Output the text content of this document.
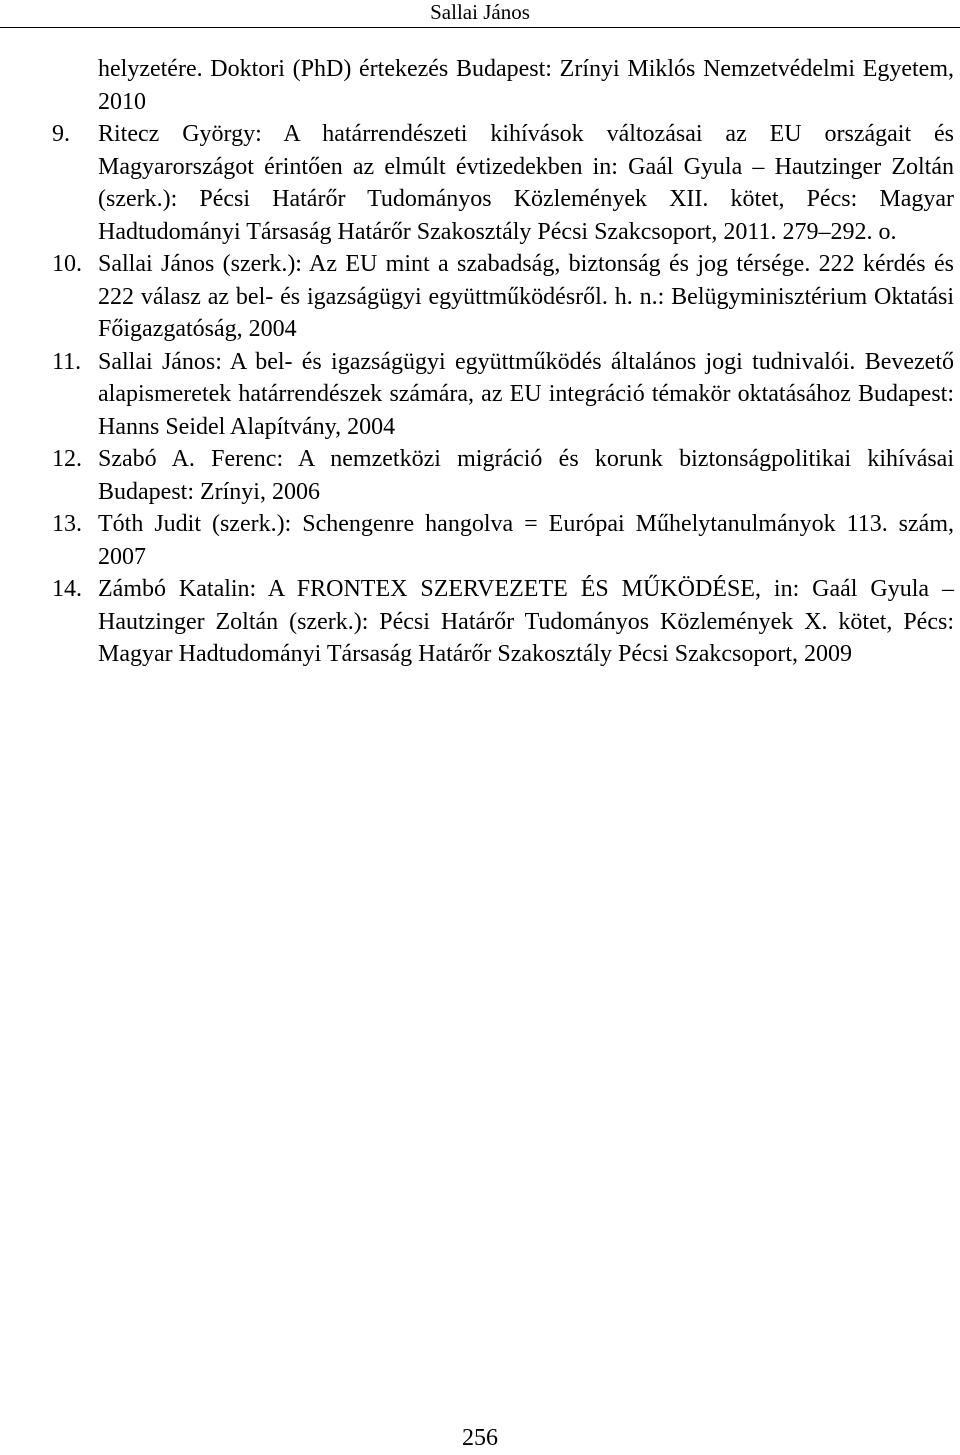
Sallai János
helyzetére. Doktori (PhD) értekezés Budapest: Zrínyi Miklós Nemzetvédelmi Egyetem, 2010
9. Ritecz György: A határrendészeti kihívások változásai az EU országait és Magyarországot érintően az elmúlt évtizedekben in: Gaál Gyula – Hautzinger Zoltán (szerk.): Pécsi Határőr Tudományos Közlemények XII. kötet, Pécs: Magyar Hadtudományi Társaság Határőr Szakosztály Pécsi Szakcsoport, 2011. 279–292. o.
10. Sallai János (szerk.): Az EU mint a szabadság, biztonság és jog térsége. 222 kérdés és 222 válasz az bel- és igazságügyi együttműködésről. h. n.: Belügyminisztérium Oktatási Főigazgatóság, 2004
11. Sallai János: A bel- és igazságügyi együttműködés általános jogi tudnivalói. Bevezető alapismeretek határrendészek számára, az EU integráció témakör oktatásához Budapest: Hanns Seidel Alapítvány, 2004
12. Szabó A. Ferenc: A nemzetközi migráció és korunk biztonságpolitikai kihívásai Budapest: Zrínyi, 2006
13. Tóth Judit (szerk.): Schengenre hangolva = Európai Műhelytanulmányok 113. szám, 2007
14. Zámbó Katalin: A FRONTEX SZERVEZETE ÉS MŰKÖDÉSE, in: Gaál Gyula – Hautzinger Zoltán (szerk.): Pécsi Határőr Tudományos Közlemények X. kötet, Pécs: Magyar Hadtudományi Társaság Határőr Szakosztály Pécsi Szakcsoport, 2009
256
